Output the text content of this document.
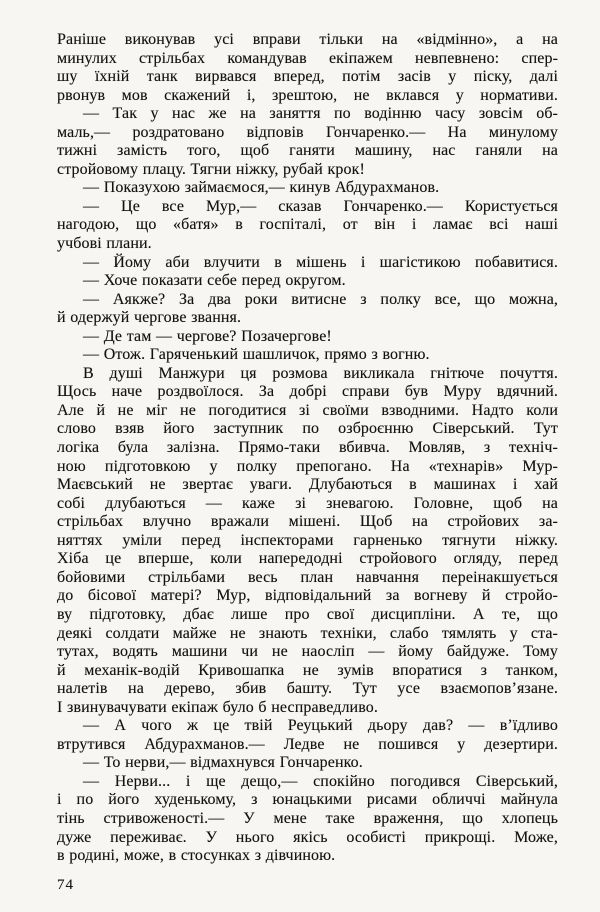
Раніше виконував усі вправи тільки на «відмінно», а на
минулих стрільбах командував екіпажем невпевнено: спер-
шу їхній танк вирвався вперед, потім засів у піску, далі
рвонув мов скажений і, зрештою, не вклався у нормативи.
— Так у нас же на заняття по водінню часу зовсім об-
маль,— роздратовано відповів Гончаренко.— На минулому
тижні замість того, щоб ганяти машину, нас ганяли на
стройовому плацу. Тягни ніжку, рубай крок!
— Показухою займаємося,— кинув Абдурахманов.
— Це все Мур,— сказав Гончаренко.— Користується
нагодою, що «батя» в госпіталі, от він і ламає всі наші
учбові плани.
— Йому аби влучити в мішень і шагістикою побавитися.
— Хоче показати себе перед округом.
— Аякже? За два роки витисне з полку все, що можна,
й одержуй чергове звання.
— Де там — чергове? Позачергове!
— Отож. Гаряченький шашличок, прямо з вогню.
В душі Манжури ця розмова викликала гнітюче почуття.
Щось наче роздвоїлося. За добрі справи був Муру вдячний.
Але й не міг не погодитися зі своїми взводними. Надто коли
слово взяв його заступник по озброєнню Сіверський. Тут
логіка була залізна. Прямо-таки вбивча. Мовляв, з техніч-
ною підготовкою у полку препогано. На «технарів» Мур-
Маєвський не звертає уваги. Длубаються в машинах і хай
собі длубаються — каже зі зневагою. Головне, щоб на
стрільбах влучно вражали мішені. Щоб на стройових за-
няттях уміли перед інспекторами гарненько тягнути ніжку.
Хіба це вперше, коли напередодні стройового огляду, перед
бойовими стрільбами весь план навчання переінакшується
до бісової матері? Мур, відповідальний за вогневу й стройо-
ву підготовку, дбає лише про свої дисципліни. А те, що
деякі солдати майже не знають техніки, слабо тямлять у ста-
тутах, водять машини чи не наосліп — йому байдуже. Тому
й механік-водій Кривошапка не зумів впоратися з танком,
налетів на дерево, збив башту. Тут усе взаємопов’язане.
І звинувачувати екіпаж було б несправедливо.
— А чого ж це твій Реуцький дьору дав? — в’їдливо
втрутився Абдурахманов.— Ледве не пошився у дезертири.
— То нерви,— відмахнувся Гончаренко.
— Нерви... і ще дещо,— спокійно погодився Сіверський,
і по його худенькому, з юнацькими рисами обличчі майнула
тінь стривоженості.— У мене таке враження, що хлопець
дуже переживає. У нього якісь особисті прикрощі. Може,
в родині, може, в стосунках з дівчиною.
74
